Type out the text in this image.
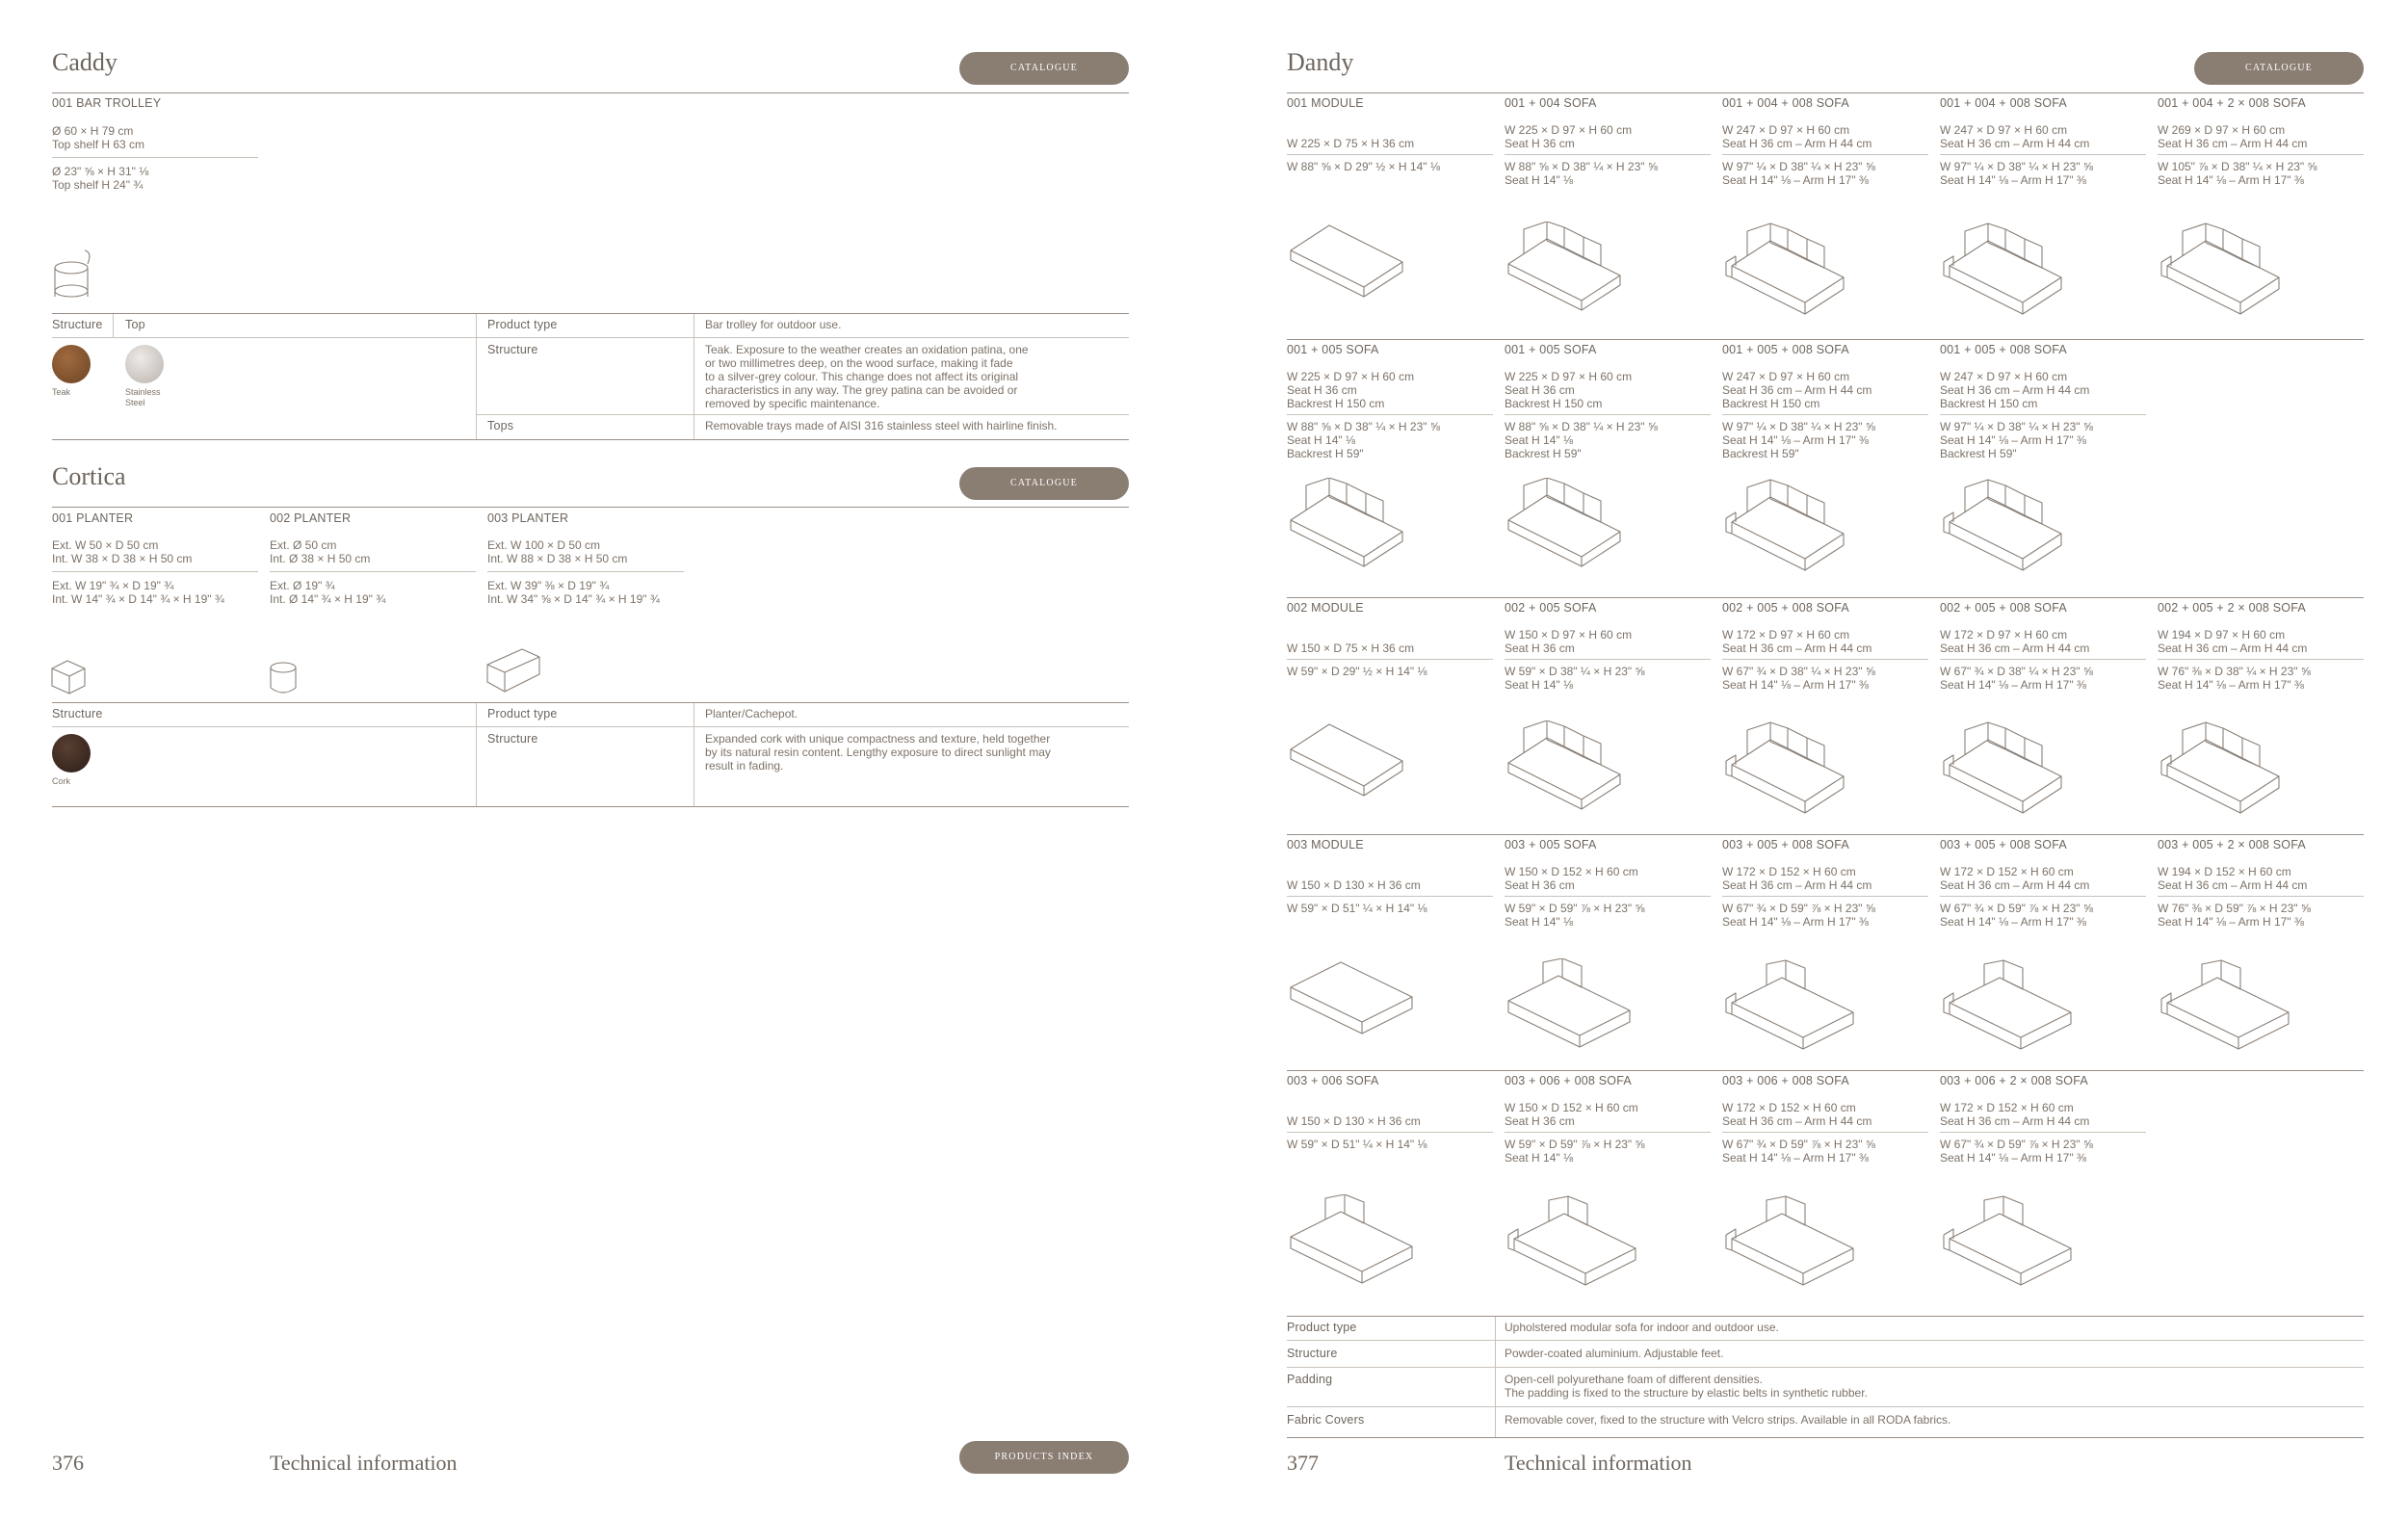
Caddy	CATALOGUE
001 BAR TROLLEY
Ø 60 × H 79 cm
Top shelf H 63 cm
Ø 23" ⅝ × H 31" ⅛
Top shelf H 24" ¾
Structure Top
Teak	Stainless
Steel
Product type	Bar trolley for outdoor use.
Structure	Teak. Exposure to the weather creates an oxidation patina, one
or two millimetres deep, on the wood surface, making it fade
to a silver-grey colour. This change does not affect its original
characteristics in any way. The grey patina can be avoided or
removed by specific maintenance.
Tops	Removable trays made of AISI 316 stainless steel with hairline finish.
Cortica	CATALOGUE
001 PLANTER
Ext. W 50 × D 50 cm
Int. W 38 × D 38 × H 50 cm
Ext. W 19" ¾ × D 19" ¾
Int. W 14" ¾ × D 14" ¾ × H 19" ¾
002 PLANTER
Ext. Ø 50 cm
Int. Ø 38 × H 50 cm
Ext. Ø 19" ¾
Int. Ø 14" ¾ × H 19" ¾
003 PLANTER
Ext. W 100 × D 50 cm
Int. W 88 × D 38 × H 50 cm
Ext. W 39" ⅜ × D 19" ¾
Int. W 34" ⅝ × D 14" ¾ × H 19" ¾
Structure
Cork
Product type	Planter/Cachepot.
Structure	Expanded cork with unique compactness and texture, held together
by its natural resin content. Lengthy exposure to direct sunlight may
result in fading.
376	Technical information	PRODUCTS INDEX
Dandy	CATALOGUE
001 MODULE

W 225 × D 75 × H 36 cm
W 88" ⅝ × D 29" ½ × H 14" ⅛
001 + 004 SOFA
W 225 × D 97 × H 60 cm
Seat H 36 cm
W 88" ⅝ × D 38" ¼ × H 23" ⅝
Seat H 14" ⅛
001 + 004 + 008 SOFA
W 247 × D 97 × H 60 cm
Seat H 36 cm – Arm H 44 cm
W 97" ¼ × D 38" ¼ × H 23" ⅝
Seat H 14" ⅛ – Arm H 17" ⅜
001 + 004 + 008 SOFA
W 247 × D 97 × H 60 cm
Seat H 36 cm – Arm H 44 cm
W 97" ¼ × D 38" ¼ × H 23" ⅝
Seat H 14" ⅛ – Arm H 17" ⅜
001 + 004 + 2 × 008 SOFA
W 269 × D 97 × H 60 cm
Seat H 36 cm – Arm H 44 cm
W 105" ⅞ × D 38" ¼ × H 23" ⅝
Seat H 14" ⅛ – Arm H 17" ⅜
001 + 005 SOFA
W 225 × D 97 × H 60 cm
Seat H 36 cm
Backrest H 150 cm
W 88" ⅝ × D 38" ¼ × H 23" ⅝
Seat H 14" ⅛
Backrest H 59"
001 + 005 SOFA
W 225 × D 97 × H 60 cm
Seat H 36 cm
Backrest H 150 cm
W 88" ⅝ × D 38" ¼ × H 23" ⅝
Seat H 14" ⅛
Backrest H 59"
001 + 005 + 008 SOFA
W 247 × D 97 × H 60 cm
Seat H 36 cm – Arm H 44 cm
Backrest H 150 cm
W 97" ¼ × D 38" ¼ × H 23" ⅝
Seat H 14" ⅛ – Arm H 17" ⅜
Backrest H 59"
001 + 005 + 008 SOFA
W 247 × D 97 × H 60 cm
Seat H 36 cm – Arm H 44 cm
Backrest H 150 cm
W 97" ¼ × D 38" ¼ × H 23" ⅝
Seat H 14" ⅛ – Arm H 17" ⅜
Backrest H 59"
002 MODULE

W 150 × D 75 × H 36 cm
W 59" × D 29" ½ × H 14" ⅛
002 + 005 SOFA
W 150 × D 97 × H 60 cm
Seat H 36 cm
W 59" × D 38" ¼ × H 23" ⅝
Seat H 14" ⅛
002 + 005 + 008 SOFA
W 172 × D 97 × H 60 cm
Seat H 36 cm – Arm H 44 cm
W 67" ¾ × D 38" ¼ × H 23" ⅝
Seat H 14" ⅛ – Arm H 17" ⅜
002 + 005 + 008 SOFA
W 172 × D 97 × H 60 cm
Seat H 36 cm – Arm H 44 cm
W 67" ¾ × D 38" ¼ × H 23" ⅝
Seat H 14" ⅛ – Arm H 17" ⅜
002 + 005 + 2 × 008 SOFA
W 194 × D 97 × H 60 cm
Seat H 36 cm – Arm H 44 cm
W 76" ⅜ × D 38" ¼ × H 23" ⅝
Seat H 14" ⅛ – Arm H 17" ⅜
003 MODULE

W 150 × D 130 × H 36 cm
W 59" × D 51" ¼ × H 14" ⅛
003 + 005 SOFA
W 150 × D 152 × H 60 cm
Seat H 36 cm
W 59" × D 59" ⅞ × H 23" ⅝
Seat H 14" ⅛
003 + 005 + 008 SOFA
W 172 × D 152 × H 60 cm
Seat H 36 cm – Arm H 44 cm
W 67" ¾ × D 59" ⅞ × H 23" ⅝
Seat H 14" ⅛ – Arm H 17" ⅜
003 + 005 + 008 SOFA
W 172 × D 152 × H 60 cm
Seat H 36 cm – Arm H 44 cm
W 67" ¾ × D 59" ⅞ × H 23" ⅝
Seat H 14" ⅛ – Arm H 17" ⅜
003 + 005 + 2 × 008 SOFA
W 194 × D 152 × H 60 cm
Seat H 36 cm – Arm H 44 cm
W 76" ⅜ × D 59" ⅞ × H 23" ⅝
Seat H 14" ⅛ – Arm H 17" ⅜
003 + 006 SOFA

W 150 × D 130 × H 36 cm
W 59" × D 51" ¼ × H 14" ⅛
003 + 006 + 008 SOFA
W 150 × D 152 × H 60 cm
Seat H 36 cm
W 59" × D 59" ⅞ × H 23" ⅝
Seat H 14" ⅛
003 + 006 + 008 SOFA
W 172 × D 152 × H 60 cm
Seat H 36 cm – Arm H 44 cm
W 67" ¾ × D 59" ⅞ × H 23" ⅝
Seat H 14" ⅛ – Arm H 17" ⅜
003 + 006 + 2 × 008 SOFA
W 172 × D 152 × H 60 cm
Seat H 36 cm – Arm H 44 cm
W 67" ¾ × D 59" ⅞ × H 23" ⅝
Seat H 14" ⅛ – Arm H 17" ⅜
Product type	Upholstered modular sofa for indoor and outdoor use.
Structure	Powder-coated aluminium. Adjustable feet.
Padding	Open-cell polyurethane foam of different densities.
The padding is fixed to the structure by elastic belts in synthetic rubber.
Fabric Covers	Removable cover, fixed to the structure with Velcro strips. Available in all RODA fabrics.
377	Technical information
